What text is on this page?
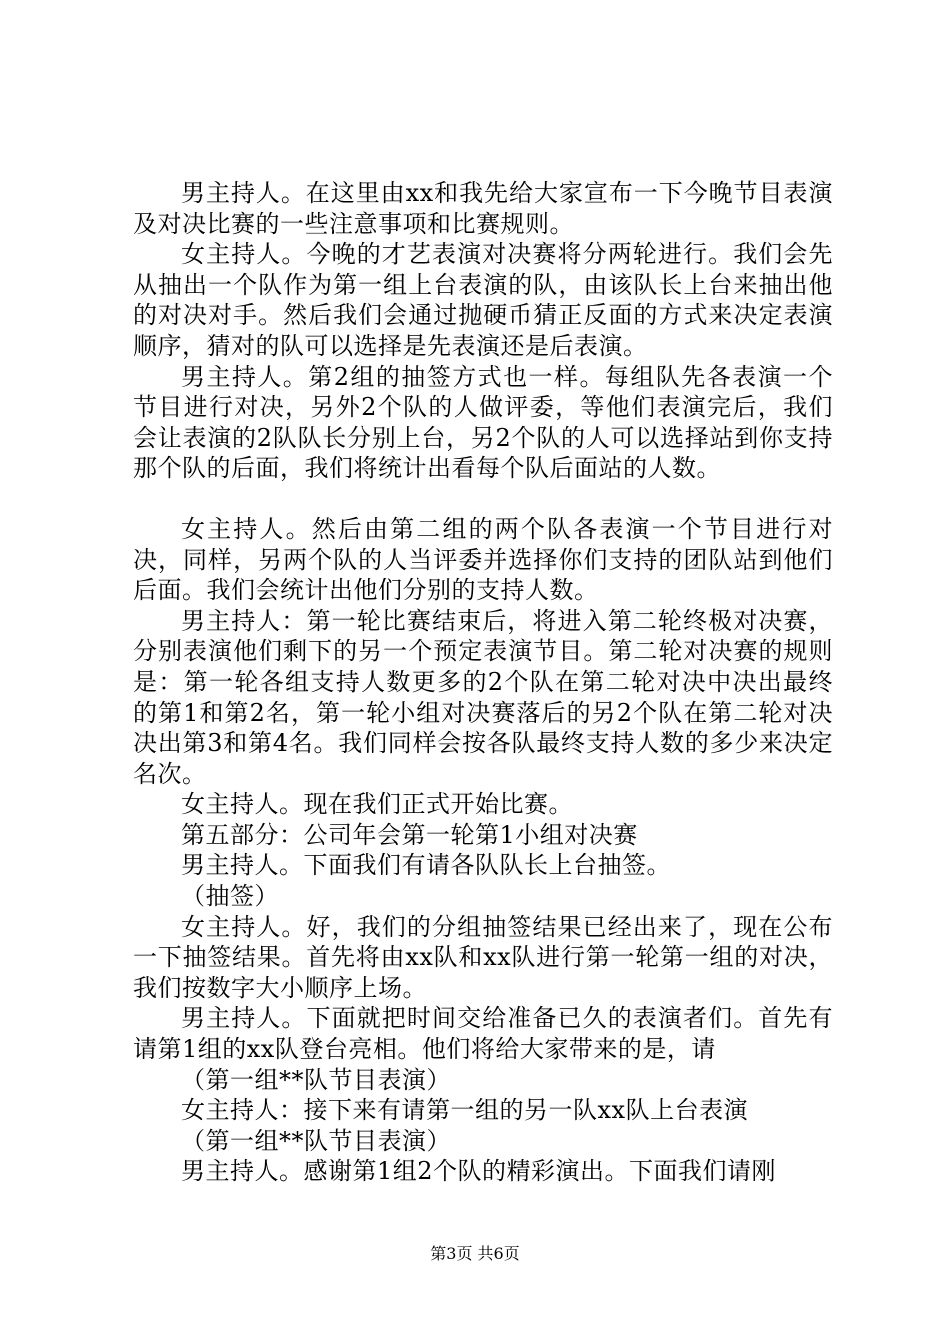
男主持人。在这里由xx和我先给大家宣布一下今晚节目表演及对决比赛的一些注意事项和比赛规则。

女主持人。今晚的才艺表演对决赛将分两轮进行。我们会先从抽出一个队作为第一组上台表演的队，由该队长上台来抽出他的对决对手。然后我们会通过抛硬币猜正反面的方式来决定表演顺序，猜对的队可以选择是先表演还是后表演。

男主持人。第2组的抽签方式也一样。每组队先各表演一个节目进行对决，另外2个队的人做评委，等他们表演完后，我们会让表演的2队队长分别上台，另2个队的人可以选择站到你支持那个队的后面，我们将统计出看每个队后面站的人数。

女主持人。然后由第二组的两个队各表演一个节目进行对决，同样，另两个队的人当评委并选择你们支持的团队站到他们后面。我们会统计出他们分别的支持人数。

男主持人：第一轮比赛结束后，将进入第二轮终极对决赛，分别表演他们剩下的另一个预定表演节目。第二轮对决赛的规则是：第一轮各组支持人数更多的2个队在第二轮对决中决出最终的第1和第2名，第一轮小组对决赛落后的另2个队在第二轮对决决出第3和第4名。我们同样会按各队最终支持人数的多少来决定名次。

女主持人。现在我们正式开始比赛。

第五部分：公司年会第一轮第1小组对决赛

男主持人。下面我们有请各队队长上台抽签。

（抽签）

女主持人。好，我们的分组抽签结果已经出来了，现在公布一下抽签结果。首先将由xx队和xx队进行第一轮第一组的对决，我们按数字大小顺序上场。

男主持人。下面就把时间交给准备已久的表演者们。首先有请第1组的xx队登台亮相。他们将给大家带来的是，请

（第一组**队节目表演）

女主持人：接下来有请第一组的另一队xx队上台表演

（第一组**队节目表演）

男主持人。感谢第1组2个队的精彩演出。下面我们请刚

第3页 共6页
